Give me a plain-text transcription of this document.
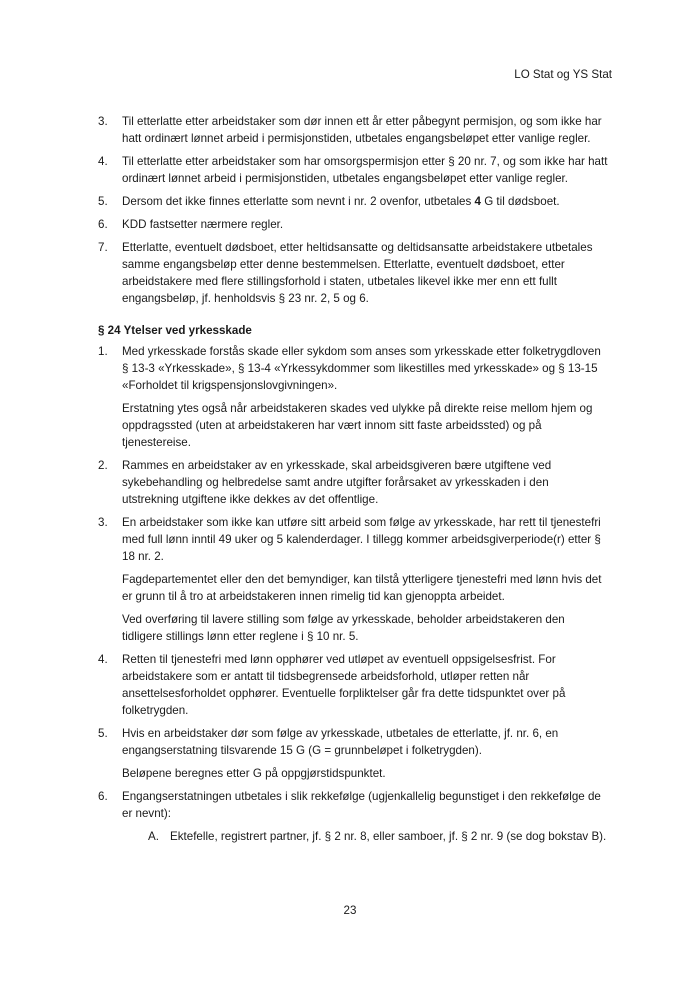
LO Stat og YS Stat
3.	Til etterlatte etter arbeidstaker som dør innen ett år etter påbegynt permisjon, og som ikke har hatt ordinært lønnet arbeid i permisjonstiden, utbetales engangsbeløpet etter vanlige regler.

4.	Til etterlatte etter arbeidstaker som har omsorgspermisjon etter § 20 nr. 7, og som ikke har hatt ordinært lønnet arbeid i permisjonstiden, utbetales engangsbeløpet etter vanlige regler.

5.	Dersom det ikke finnes etterlatte som nevnt i nr. 2 ovenfor, utbetales 4 G til dødsboet.

6.	KDD fastsetter nærmere regler.

7.	Etterlatte, eventuelt dødsboet, etter heltidsansatte og deltidsansatte arbeidstakere utbetales samme engangsbeløp etter denne bestemmelsen. Etterlatte, eventuelt dødsboet, etter arbeidstakere med flere stillingsforhold i staten, utbetales likevel ikke mer enn ett fullt engangsbeløp, jf. henholdsvis § 23 nr. 2, 5 og 6.

§ 24 Ytelser ved yrkesskade
1.	Med yrkesskade forstås skade eller sykdom som anses som yrkesskade etter folketrygdloven § 13-3 «Yrkesskade», § 13-4 «Yrkessykdommer som likestilles med yrkesskade» og § 13-15 «Forholdet til krigspensjonslovgivningen».

Erstatning ytes også når arbeidstakeren skades ved ulykke på direkte reise mellom hjem og oppdragssted (uten at arbeidstakeren har vært innom sitt faste arbeidssted) og på tjenestereise.

2.	Rammes en arbeidstaker av en yrkesskade, skal arbeidsgiveren bære utgiftene ved sykebehandling og helbredelse samt andre utgifter forårsaket av yrkesskaden i den utstrekning utgiftene ikke dekkes av det offentlige.

3.	En arbeidstaker som ikke kan utføre sitt arbeid som følge av yrkesskade, har rett til tjenestefri med full lønn inntil 49 uker og 5 kalenderdager. I tillegg kommer arbeidsgiverperiode(r) etter § 18 nr. 2.

Fagdepartementet eller den det bemyndiger, kan tilstå ytterligere tjenestefri med lønn hvis det er grunn til å tro at arbeidstakeren innen rimelig tid kan gjenoppta arbeidet.

Ved overføring til lavere stilling som følge av yrkesskade, beholder arbeidstakeren den tidligere stillings lønn etter reglene i § 10 nr. 5.

4.	Retten til tjenestefri med lønn opphører ved utløpet av eventuell oppsigelsesfrist. For arbeidstakere som er antatt til tidsbegrensede arbeidsforhold, utløper retten når ansettelsesforholdet opphører. Eventuelle forpliktelser går fra dette tidspunktet over på folketrygden.

5.	Hvis en arbeidstaker dør som følge av yrkesskade, utbetales de etterlatte, jf. nr. 6, en engangserstatning tilsvarende 15 G (G = grunnbeløpet i folketrygden).

Beløpene beregnes etter G på oppgjørstidspunktet.

6.	Engangserstatningen utbetales i slik rekkefølge (ugjenkallelig begunstiget i den rekkefølge de er nevnt):

A. Ektefelle, registrert partner, jf. § 2 nr. 8, eller samboer, jf. § 2 nr. 9 (se dog bokstav B).

23
